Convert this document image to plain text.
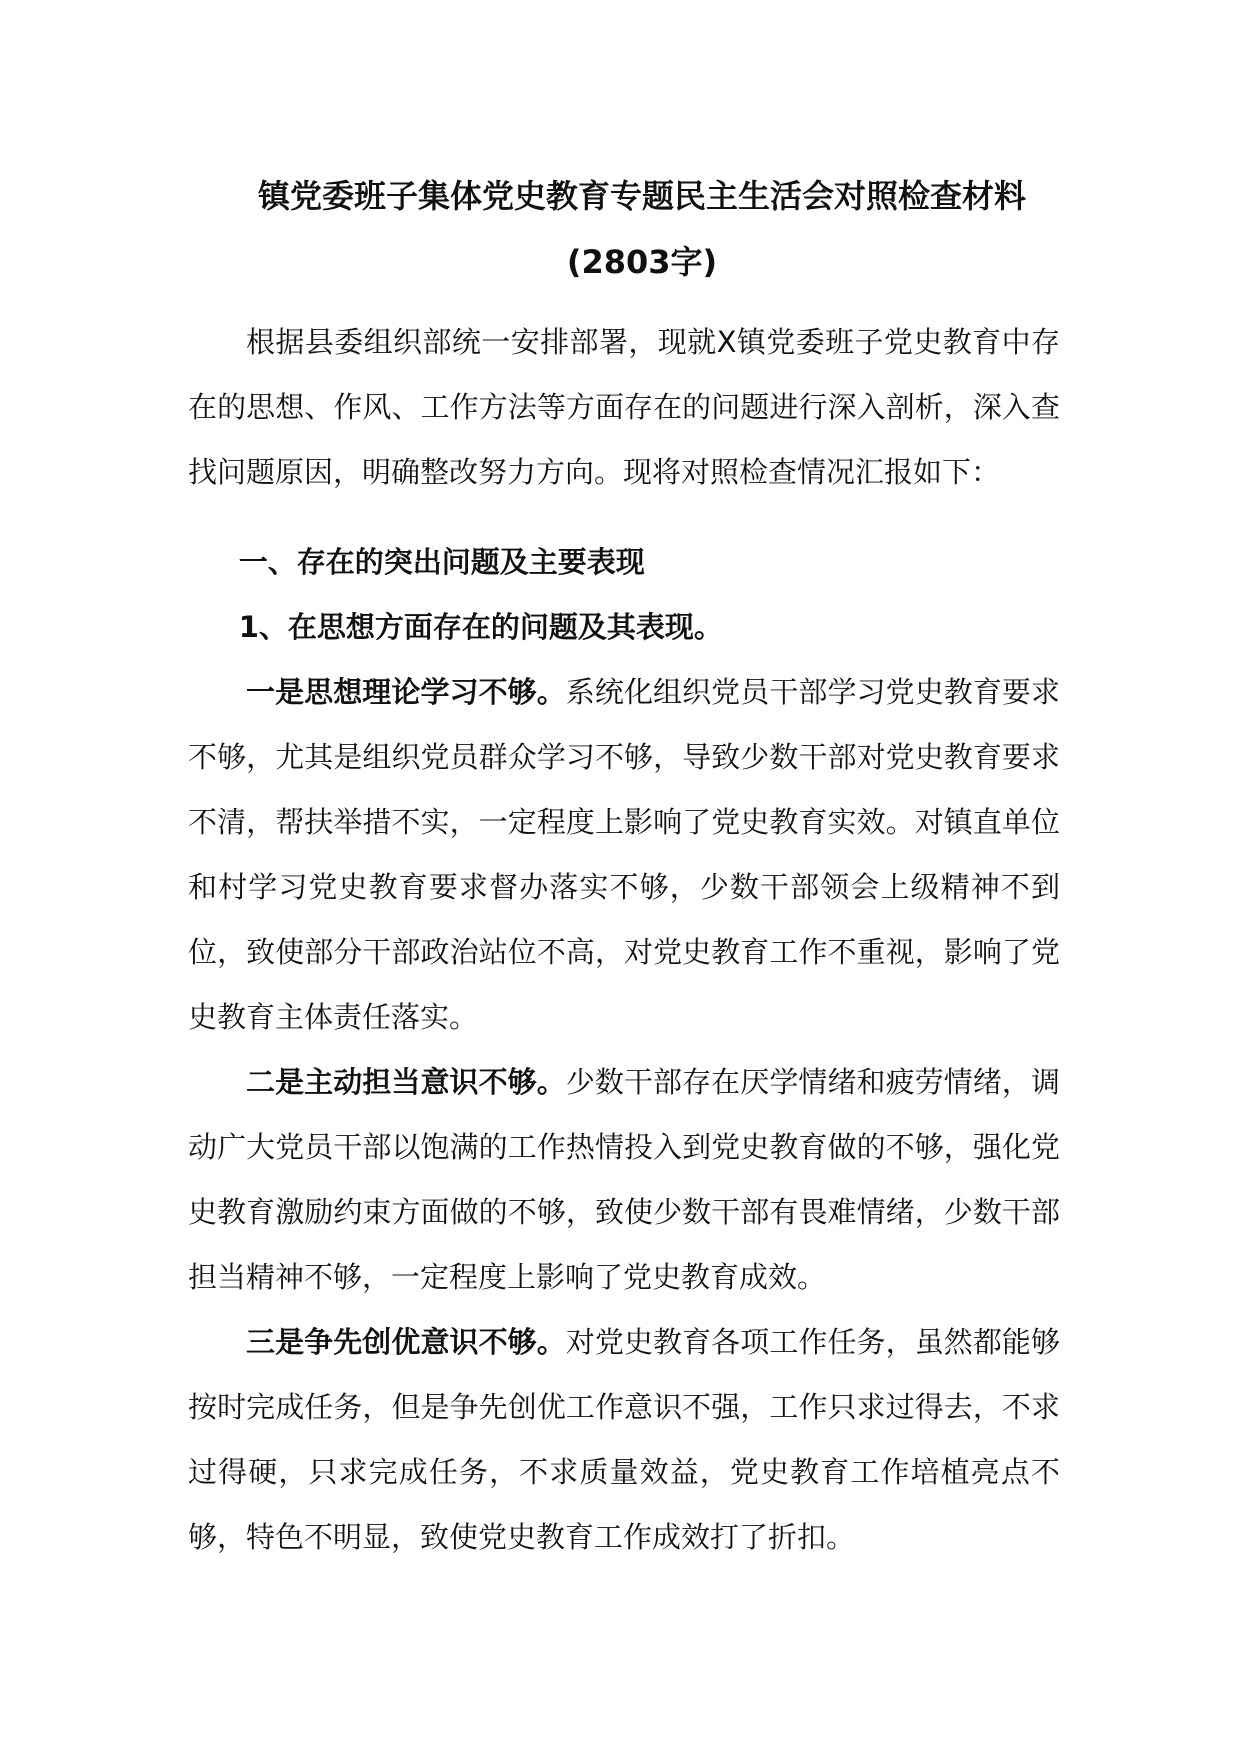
镇党委班子集体党史教育专题民主生活会对照检查材料
(2803字)

根据县委组织部统一安排部署，现就X镇党委班子党史教育中存在的思想、作风、工作方法等方面存在的问题进行深入剖析，深入查找问题原因，明确整改努力方向。现将对照检查情况汇报如下：

一、存在的突出问题及主要表现

1、在思想方面存在的问题及其表现。

一是思想理论学习不够。系统化组织党员干部学习党史教育要求不够，尤其是组织党员群众学习不够，导致少数干部对党史教育要求不清，帮扶举措不实，一定程度上影响了党史教育实效。对镇直单位和村学习党史教育要求督办落实不够，少数干部领会上级精神不到位，致使部分干部政治站位不高，对党史教育工作不重视，影响了党史教育主体责任落实。

二是主动担当意识不够。少数干部存在厌学情绪和疲劳情绪，调动广大党员干部以饱满的工作热情投入到党史教育做的不够，强化党史教育激励约束方面做的不够，致使少数干部有畏难情绪，少数干部担当精神不够，一定程度上影响了党史教育成效。

三是争先创优意识不够。对党史教育各项工作任务，虽然都能够按时完成任务，但是争先创优工作意识不强，工作只求过得去，不求过得硬，只求完成任务，不求质量效益，党史教育工作培植亮点不够，特色不明显，致使党史教育工作成效打了折扣。
